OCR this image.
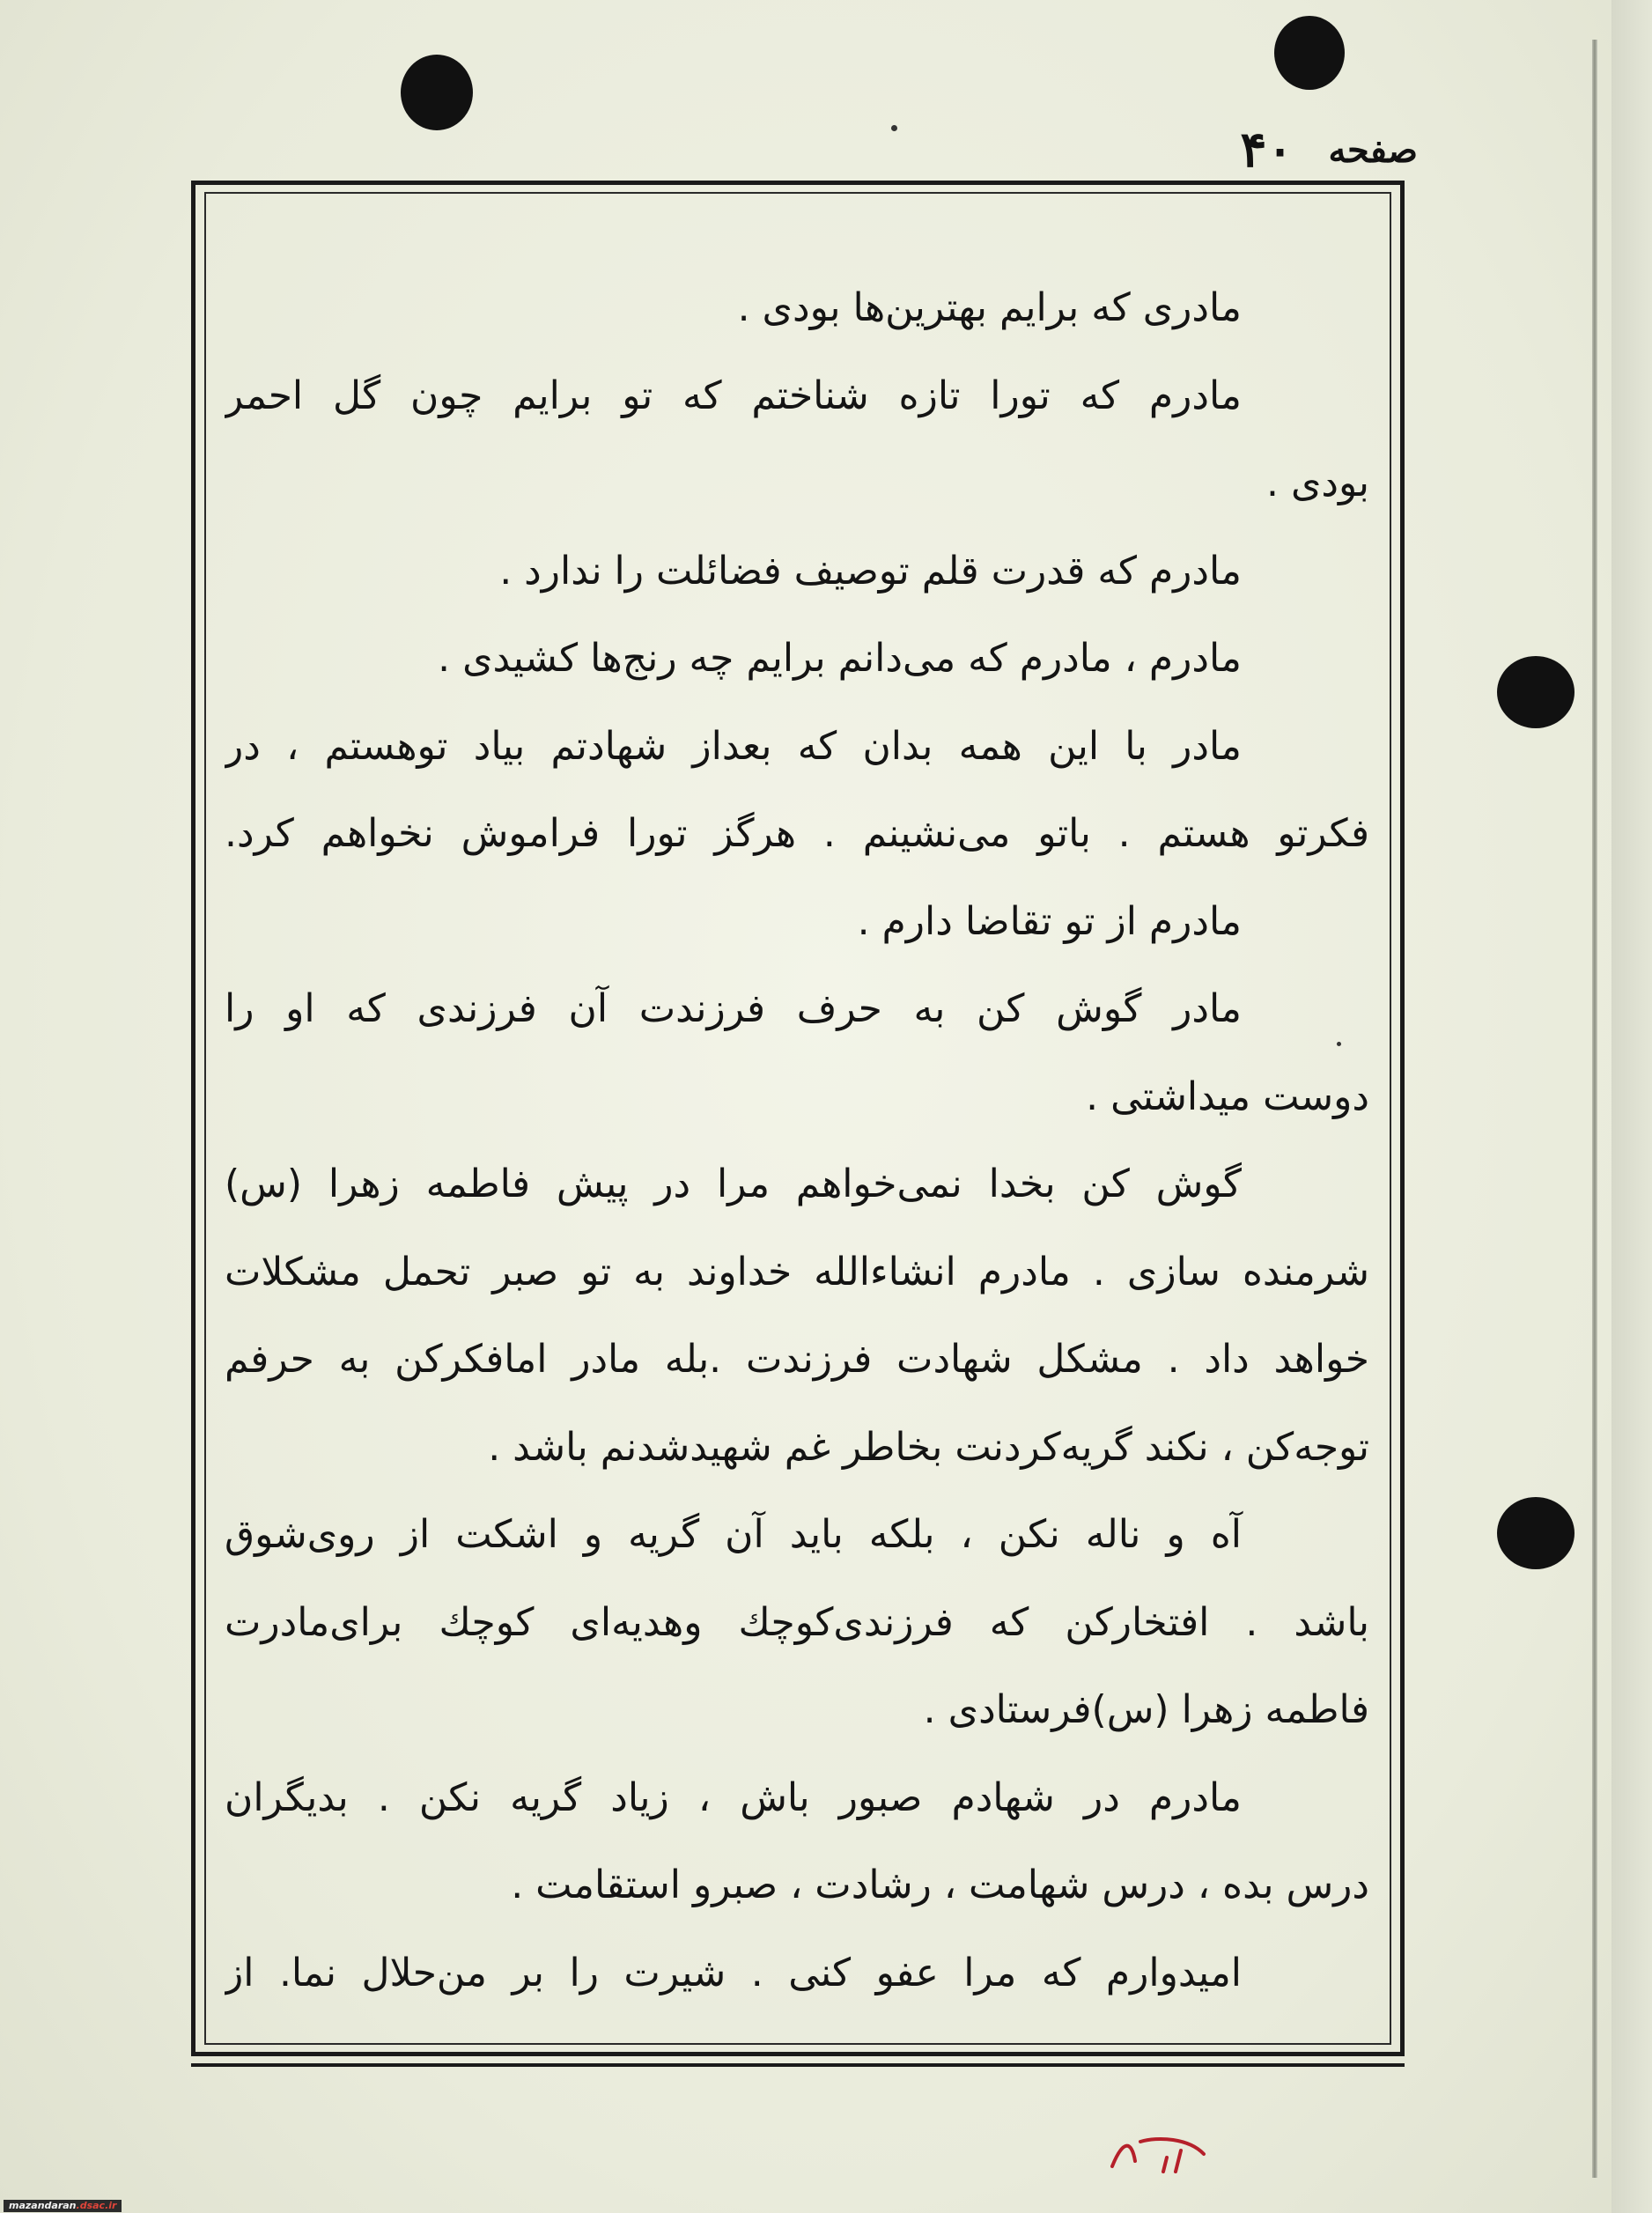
صفحه
۴۰
مادری که برایم بهترین‌ها بودی .
مادرم که تورا تازه شناختم که تو برایم چون گل احمر
بودی .
مادرم که قدرت قلم توصیف فضائلت را ندارد .
مادرم ، مادرم که می‌دانم برایم چه رنج‌ها کشیدی .
مادر با این همه بدان که بعداز شهادتم بیاد توهستم ، در
فکرتو هستم . باتو می‌نشینم . هرگز تورا فراموش نخواهم کرد.
مادرم از تو تقاضا دارم .
مادر گوش کن به حرف فرزندت آن فرزندی که او را
دوست میداشتی .
گوش کن بخدا نمی‌خواهم مرا در پیش فاطمه زهرا (س)
شرمنده سازی . مادرم انشاءالله خداوند به تو صبر تحمل مشکلات
خواهد داد . مشکل شهادت فرزندت .بله مادر امافکرکن به حرفم
توجه‌کن ، نکند گریه‌کردنت بخاطر غم شهیدشدنم باشد .
آه و ناله نکن ، بلکه باید آن گریه و اشکت از روی‌شوق
باشد . افتخارکن که فرزندی‌کوچك وهدیه‌ای کوچك برای‌مادرت
فاطمه زهرا (س)فرستادی .
مادرم در شهادم صبور باش ، زیاد گریه نکن . بدیگران
درس بده ، درس شهامت ، رشادت ، صبرو استقامت .
امیدوارم که مرا عفو کنی . شیرت را بر من‌حلال نما. از
mazandaran.dsac.ir
